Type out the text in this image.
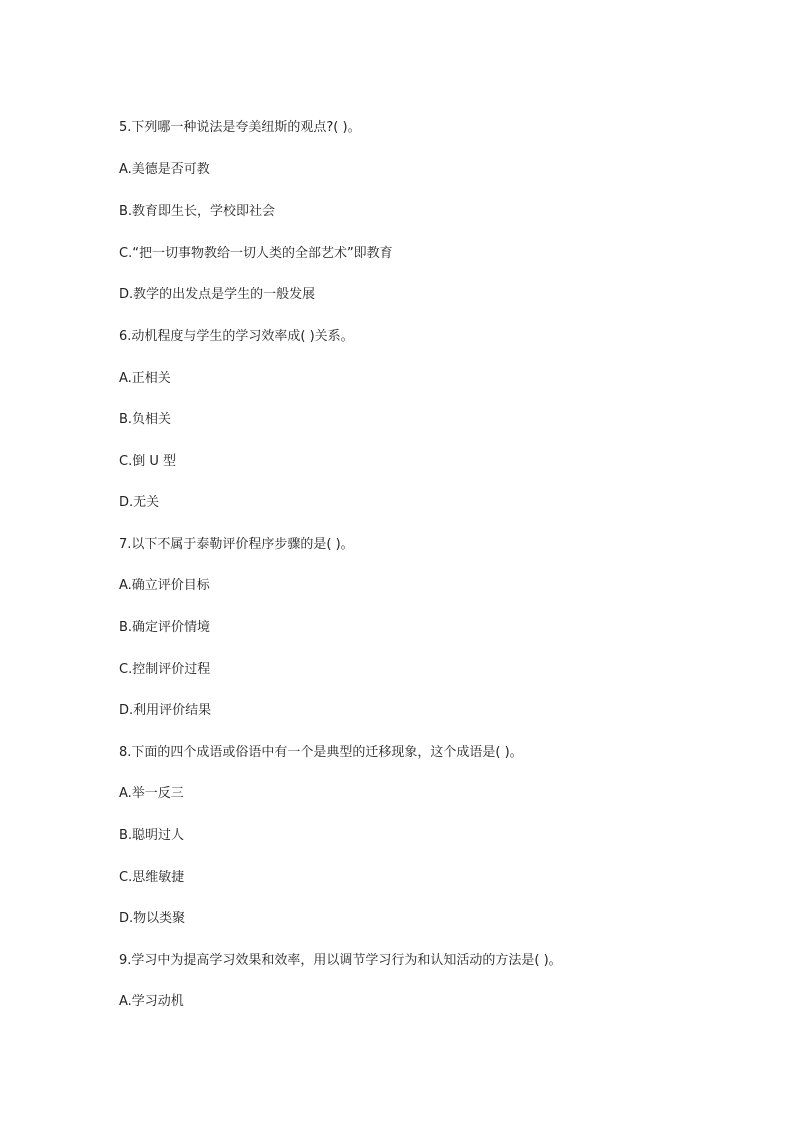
5.下列哪一种说法是夸美纽斯的观点?( )。
A.美德是否可教
B.教育即生长，学校即社会
C.“把一切事物教给一切人类的全部艺术”即教育
D.教学的出发点是学生的一般发展
6.动机程度与学生的学习效率成( )关系。
A.正相关
B.负相关
C.倒 U 型
D.无关
7.以下不属于泰勒评价程序步骤的是( )。
A.确立评价目标
B.确定评价情境
C.控制评价过程
D.利用评价结果
8.下面的四个成语或俗语中有一个是典型的迁移现象，这个成语是( )。
A.举一反三
B.聪明过人
C.思维敏捷
D.物以类聚
9.学习中为提高学习效果和效率，用以调节学习行为和认知活动的方法是( )。
A.学习动机
